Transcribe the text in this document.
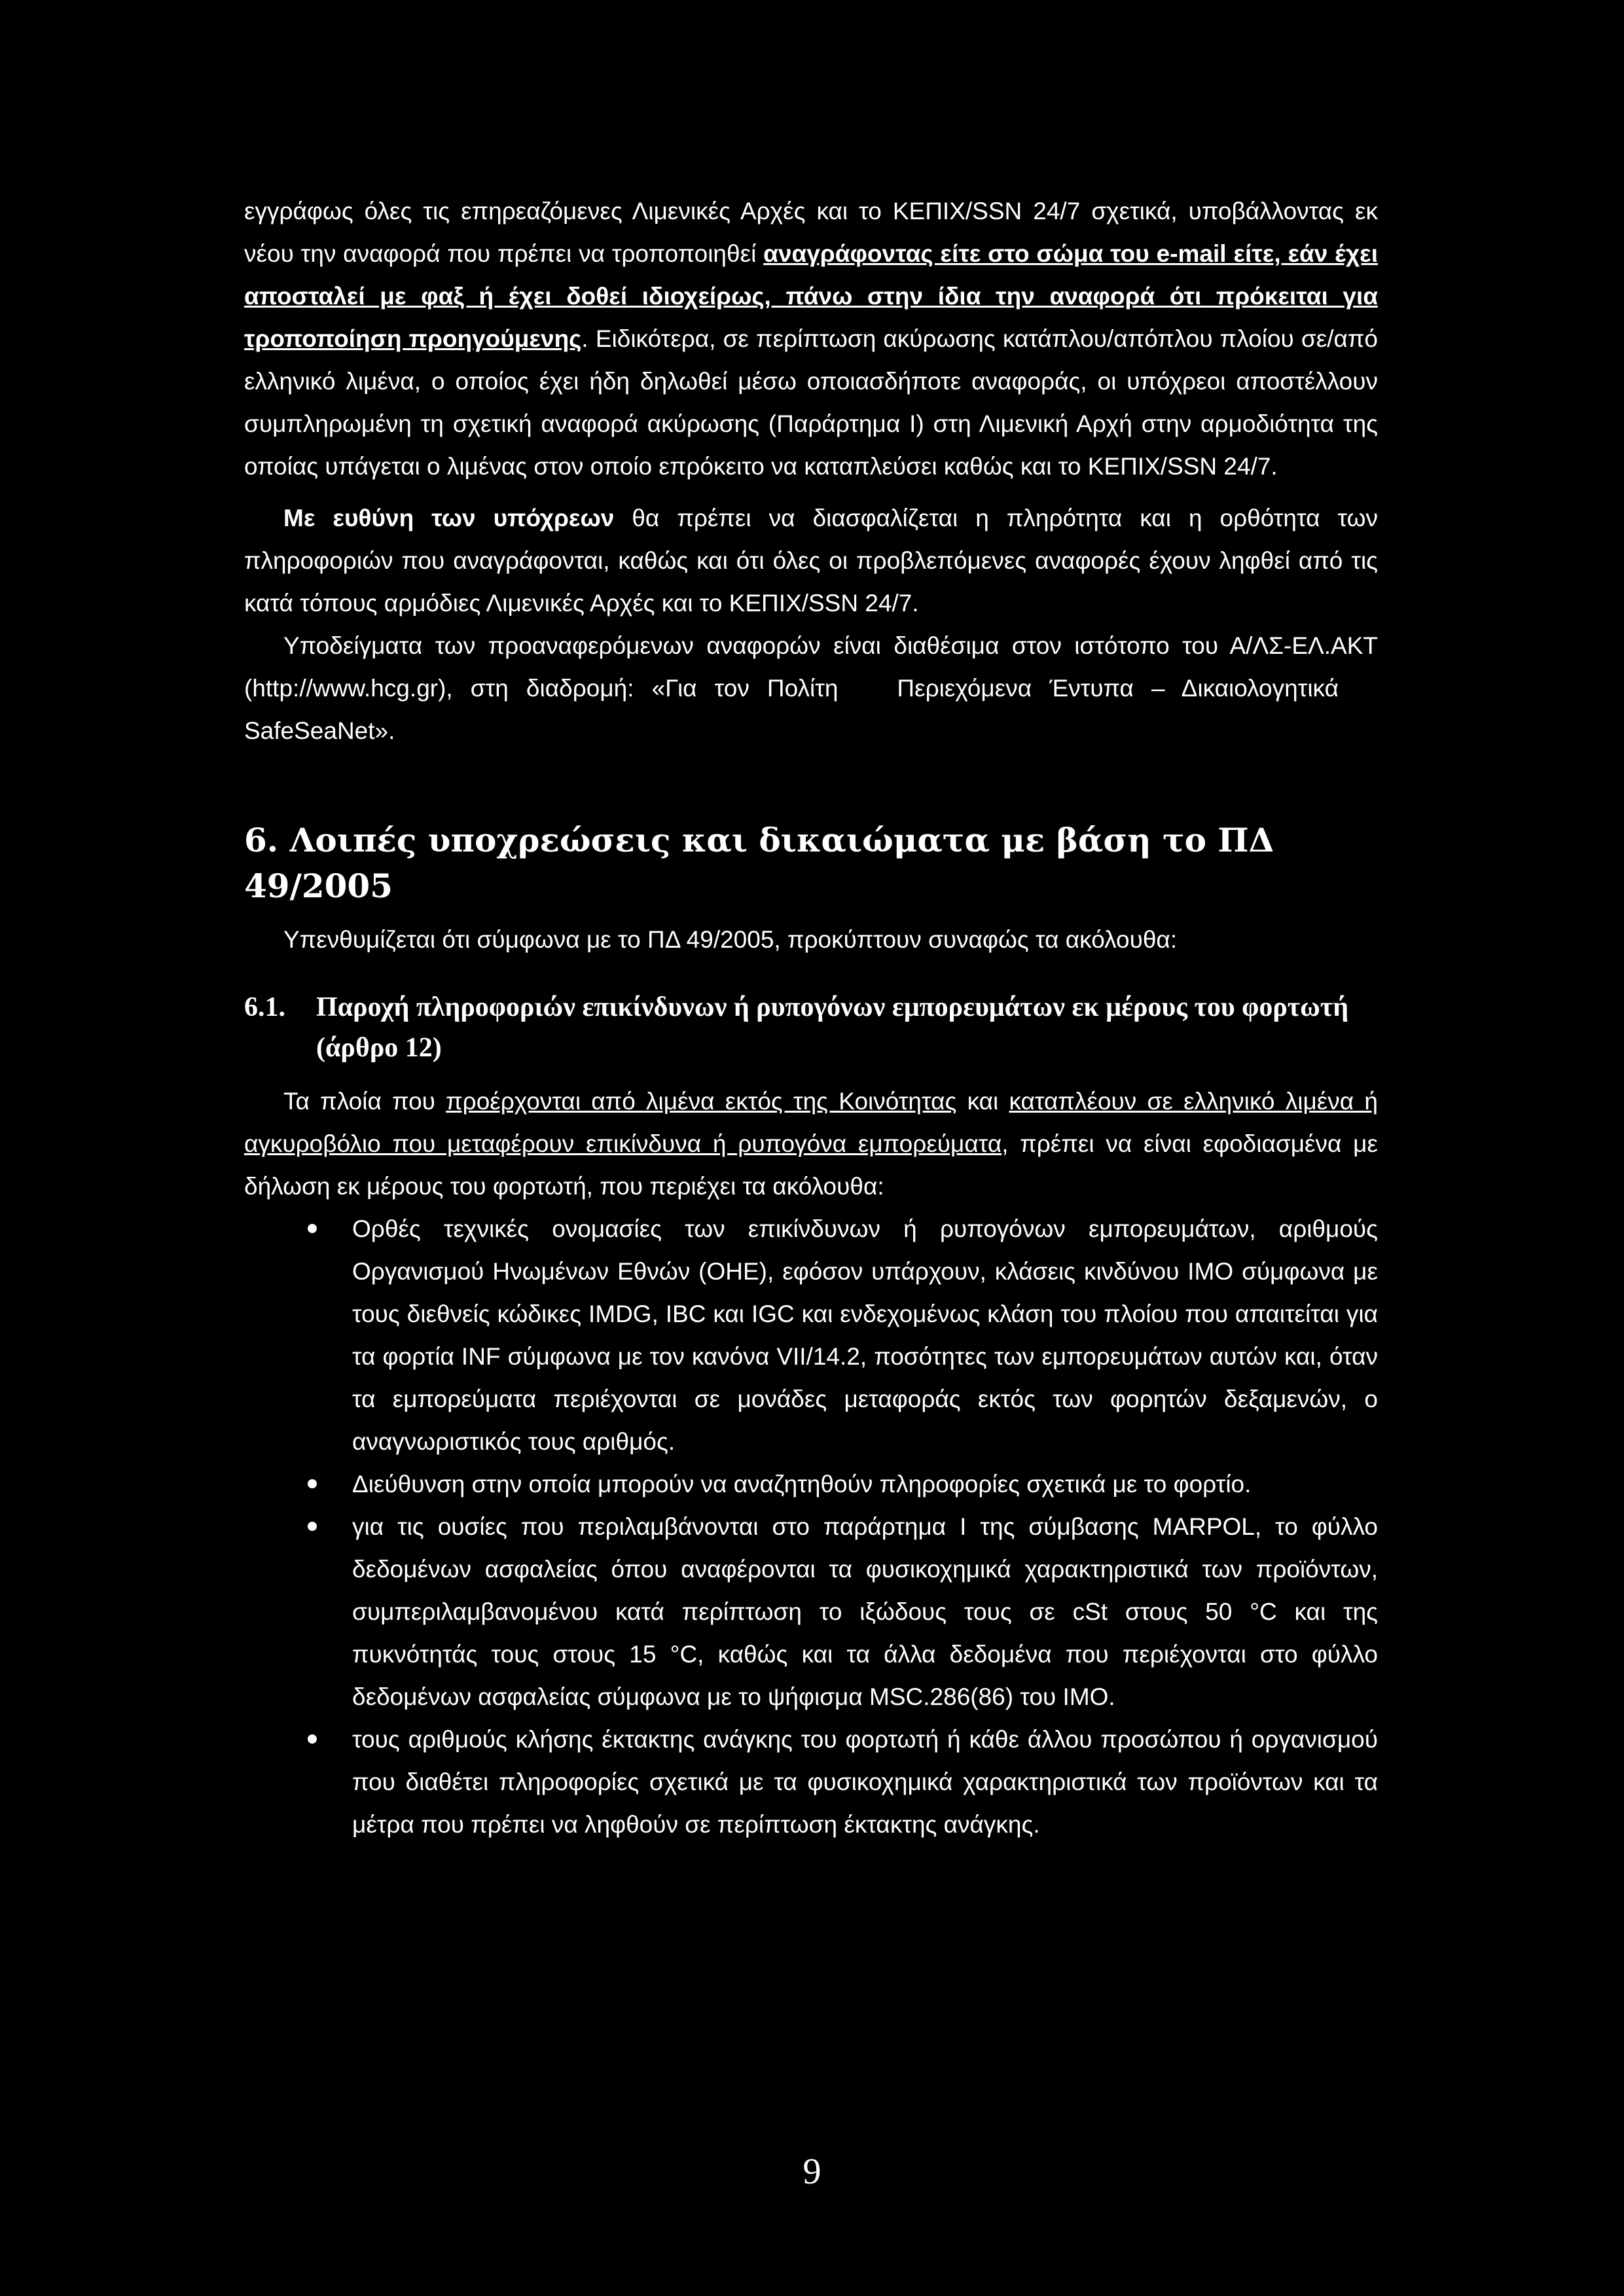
εγγράφως όλες τις επηρεαζόμενες Λιμενικές Αρχές και το ΚΕΠΙΧ/SSN 24/7 σχετικά, υποβάλλοντας εκ νέου την αναφορά που πρέπει να τροποποιηθεί αναγράφοντας είτε στο σώμα του e-mail είτε, εάν έχει αποσταλεί με φαξ ή έχει δοθεί ιδιοχείρως, πάνω στην ίδια την αναφορά ότι πρόκειται για τροποποίηση προηγούμενης. Ειδικότερα, σε περίπτωση ακύρωσης κατάπλου/απόπλου πλοίου σε/από ελληνικό λιμένα, ο οποίος έχει ήδη δηλωθεί μέσω οποιασδήποτε αναφοράς, οι υπόχρεοι αποστέλλουν συμπληρωμένη τη σχετική αναφορά ακύρωσης (Παράρτημα Ι) στη Λιμενική Αρχή στην αρμοδιότητα της οποίας υπάγεται ο λιμένας στον οποίο επρόκειτο να καταπλεύσει καθώς και το ΚΕΠΙΧ/SSN 24/7.

Με ευθύνη των υπόχρεων θα πρέπει να διασφαλίζεται η πληρότητα και η ορθότητα των πληροφοριών που αναγράφονται, καθώς και ότι όλες οι προβλεπόμενες αναφορές έχουν ληφθεί από τις κατά τόπους αρμόδιες Λιμενικές Αρχές και το ΚΕΠΙΧ/SSN 24/7.

Υποδείγματα των προαναφερόμενων αναφορών είναι διαθέσιμα στον ιστότοπο του Α/ΛΣ-ΕΛ.ΑΚΤ (http://www.hcg.gr), στη διαδρομή: «Για τον Πολίτη Περιεχόμενα Έντυπα – ΔικαιολογητικάSafeSeaNet».

6. Λοιπές υποχρεώσεις και δικαιώματα με βάση το ΠΔ 49/2005

Υπενθυμίζεται ότι σύμφωνα με το ΠΔ 49/2005, προκύπτουν συναφώς τα ακόλουθα:

6.1. Παροχή πληροφοριών επικίνδυνων ή ρυπογόνων εμπορευμάτων εκ μέρους του φορτωτή (άρθρο 12)

Τα πλοία που προέρχονται από λιμένα εκτός της Κοινότητας και καταπλέουν σε ελληνικό λιμένα ή αγκυροβόλιο που μεταφέρουν επικίνδυνα ή ρυπογόνα εμπορεύματα, πρέπει να είναι εφοδιασμένα με δήλωση εκ μέρους του φορτωτή, που περιέχει τα ακόλουθα:

Ορθές τεχνικές ονομασίες των επικίνδυνων ή ρυπογόνων εμπορευμάτων, αριθμούς Οργανισμού Ηνωμένων Εθνών (ΟΗΕ), εφόσον υπάρχουν, κλάσεις κινδύνου ΙΜΟ σύμφωνα με τους διεθνείς κώδικες IMDG, IBC και IGC και ενδεχομένως κλάση του πλοίου που απαιτείται για τα φορτία INF σύμφωνα με τον κανόνα VII/14.2, ποσότητες των εμπορευμάτων αυτών και, όταν τα εμπορεύματα περιέχονται σε μονάδες μεταφοράς εκτός των φορητών δεξαμενών, ο αναγνωριστικός τους αριθμός.
Διεύθυνση στην οποία μπορούν να αναζητηθούν πληροφορίες σχετικά με το φορτίο.
για τις ουσίες που περιλαμβάνονται στο παράρτημα I της σύμβασης MARPOL, το φύλλο δεδομένων ασφαλείας όπου αναφέρονται τα φυσικοχημικά χαρακτηριστικά των προϊόντων, συμπεριλαμβανομένου κατά περίπτωση το ιξώδους τους σε cSt στους 50 °C και της πυκνότητάς τους στους 15 °C, καθώς και τα άλλα δεδομένα που περιέχονται στο φύλλο δεδομένων ασφαλείας σύμφωνα με το ψήφισμα MSC.286(86) του ΙΜΟ.
τους αριθμούς κλήσης έκτακτης ανάγκης του φορτωτή ή κάθε άλλου προσώπου ή οργανισμού που διαθέτει πληροφορίες σχετικά με τα φυσικοχημικά χαρακτηριστικά των προϊόντων και τα μέτρα που πρέπει να ληφθούν σε περίπτωση έκτακτης ανάγκης.
9
